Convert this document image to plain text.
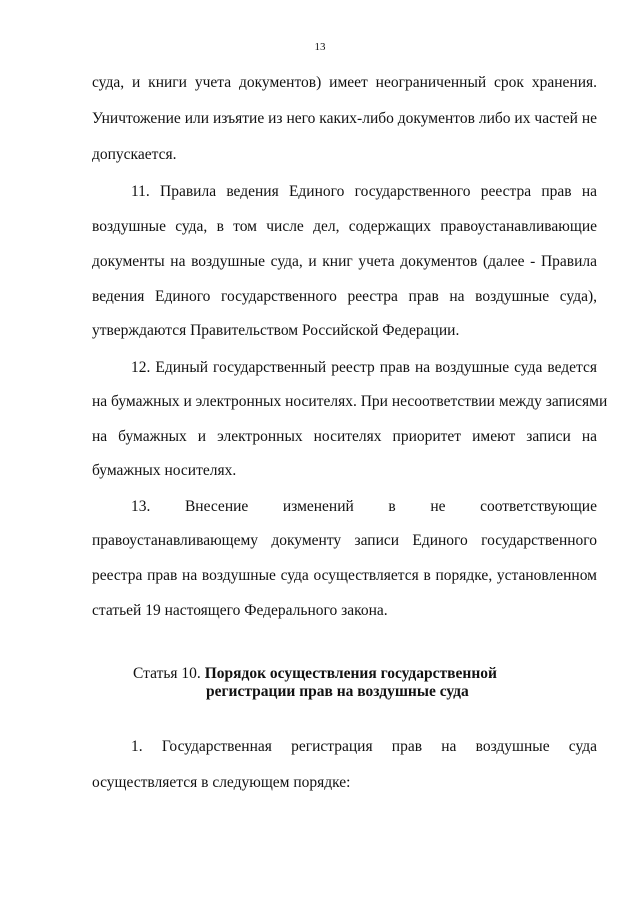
13
суда, и книги учета документов) имеет неограниченный срок хранения.
Уничтожение или изъятие из него каких-либо документов либо их частей не
допускается.
11. Правила ведения Единого государственного реестра прав на
воздушные суда, в том числе дел, содержащих правоустанавливающие
документы на воздушные суда, и книг учета документов (далее - Правила
ведения Единого государственного реестра прав на воздушные суда),
утверждаются Правительством Российской Федерации.
12. Единый государственный реестр прав на воздушные суда ведется
на бумажных и электронных носителях. При несоответствии между записями
на бумажных и электронных носителях приоритет имеют записи на
бумажных носителях.
13. Внесение изменений в не соответствующие
правоустанавливающему документу записи Единого государственного
реестра прав на воздушные суда осуществляется в порядке, установленном
статьей 19 настоящего Федерального закона.
Статья 10. Порядок осуществления государственной
регистрации прав на воздушные суда
1. Государственная регистрация прав на воздушные суда
осуществляется в следующем порядке:
